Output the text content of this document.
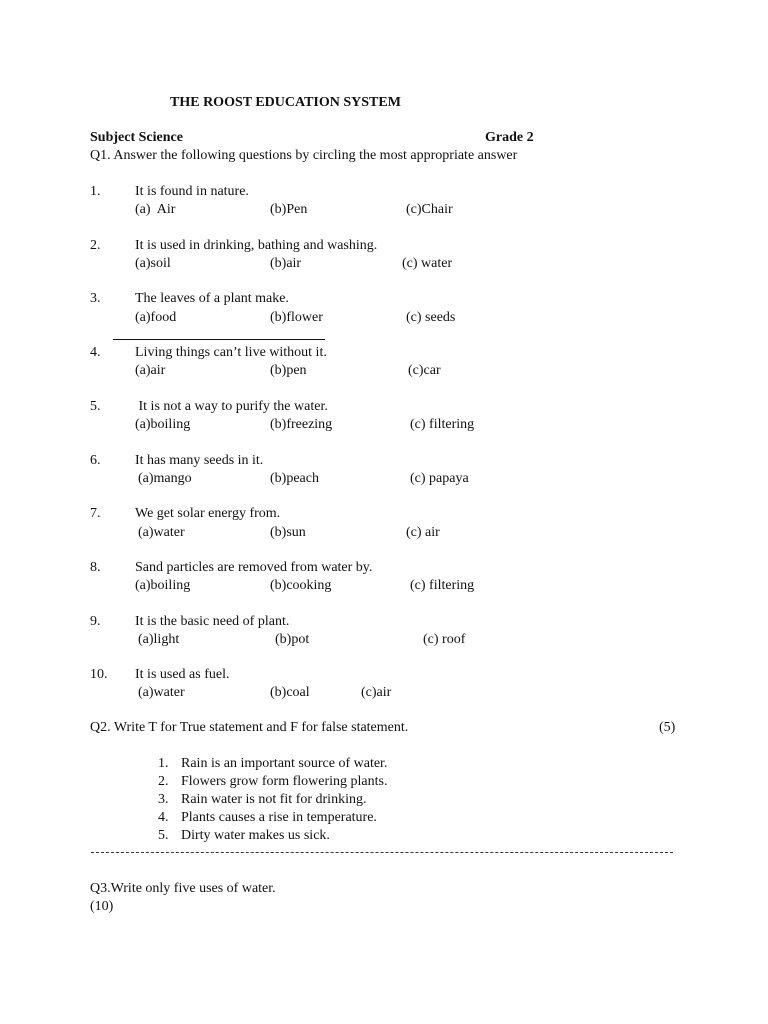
THE ROOST EDUCATION SYSTEM
Subject Science	Grade 2
Q1. Answer the following questions by circling the most appropriate answer
1. It is found in nature.
(a)  Air	(b)Pen	(c)Chair
2. It is used in drinking, bathing and washing.
(a)soil	(b)air	(c) water
3. The leaves of a plant make.
(a)food	(b)flower	(c) seeds
4. Living things can’t live without it.
(a)air	(b)pen	(c)car
5. It is not a way to purify the water.
(a)boiling	(b)freezing	(c) filtering
6. It has many seeds in it.
(a)mango	(b)peach	(c) papaya
7. We get solar energy from.
(a)water	(b)sun	(c) air
8. Sand particles are removed from water by.
(a)boiling	(b)cooking	(c) filtering
9. It is the basic need of plant.
(a)light	(b)pot	(c) roof
10. It is used as fuel.
(a)water	(b)coal	(c)air
Q2. Write T for True statement and F for false statement.	(5)
1. Rain is an important source of water.
2. Flowers grow form flowering plants.
3. Rain water is not fit for drinking.
4. Plants causes a rise in temperature.
5. Dirty water makes us sick.
Q3.Write only five uses of water.
(10)
